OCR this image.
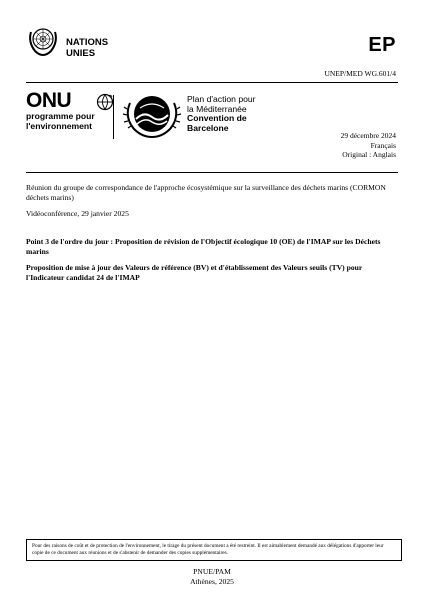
NATIONS
UNIES	EP
UNEP/MED WG.601/4
ONU
programme pour
l'environnement
Plan d'action pour
la Méditerranée
Convention de
Barcelone
29 décembre 2024
Français
Original : Anglais
Réunion du groupe de correspondance de l'approche écosystémique sur la surveillance des déchets marins (CORMON déchets marins)
Vidéoconférence, 29 janvier 2025
Point 3 de l'ordre du jour : Proposition de révision de l'Objectif écologique 10 (OE) de l'IMAP sur les Déchets marins
Proposition de mise à jour des Valeurs de référence (BV) et d'établissement des Valeurs seuils (TV) pour l'Indicateur candidat 24 de l'IMAP
Pour des raisons de coût et de protection de l'environnement, le tirage du présent document a été restreint. Il est aimablement demandé aux délégations d'apporter leur copie de ce document aux réunions et de s'abstenir de demander des copies supplémentaires.
PNUE/PAM
Athènes, 2025
